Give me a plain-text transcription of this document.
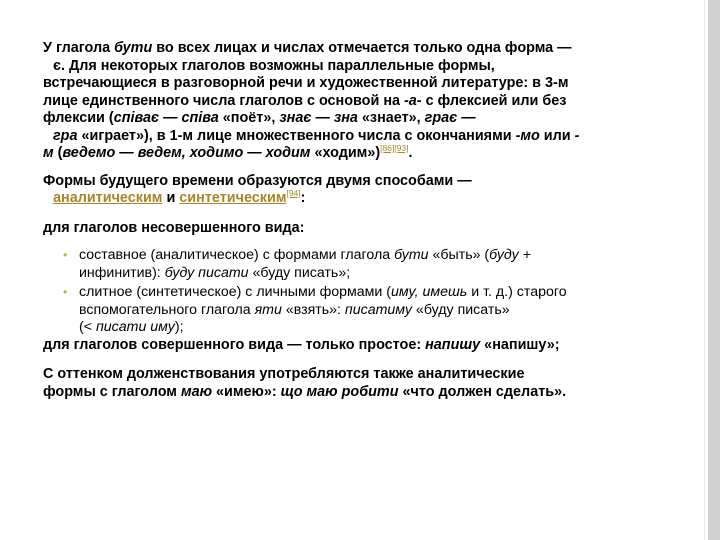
У глагола бути во всех лицах и числах отмечается только одна форма —
є. Для некоторых глаголов возможны параллельные формы,
встречающиеся в разговорной речи и художественной литературе: в 3-м
лице единственного числа глаголов с основой на -а- с флексией или без
флексии (співає — співа «поёт», знає — зна «знает», грає —
гра «играет»), в 1-м лице множественного числа с окончаниями -мо или -
м (ведемо — ведем, ходимо — ходим «ходим»)[86][93].
Формы будущего времени образуются двумя способами —
аналитическим и синтетическим[94]:
для глаголов несовершенного вида:
• составное (аналитическое) с формами глагола бути «быть» (буду +
инфинитив): буду писати «буду писать»;
• слитное (синтетическое) с личными формами (иму, имешь и т. д.) старого
вспомогательного глагола яти «взять»: писатиму «буду писать»
(< писати иму);
для глаголов совершенного вида — только простое: напишу «напишу»;
С оттенком долженствования употребляются также аналитические
формы с глаголом маю «имею»: що маю робити «что должен сделать».
